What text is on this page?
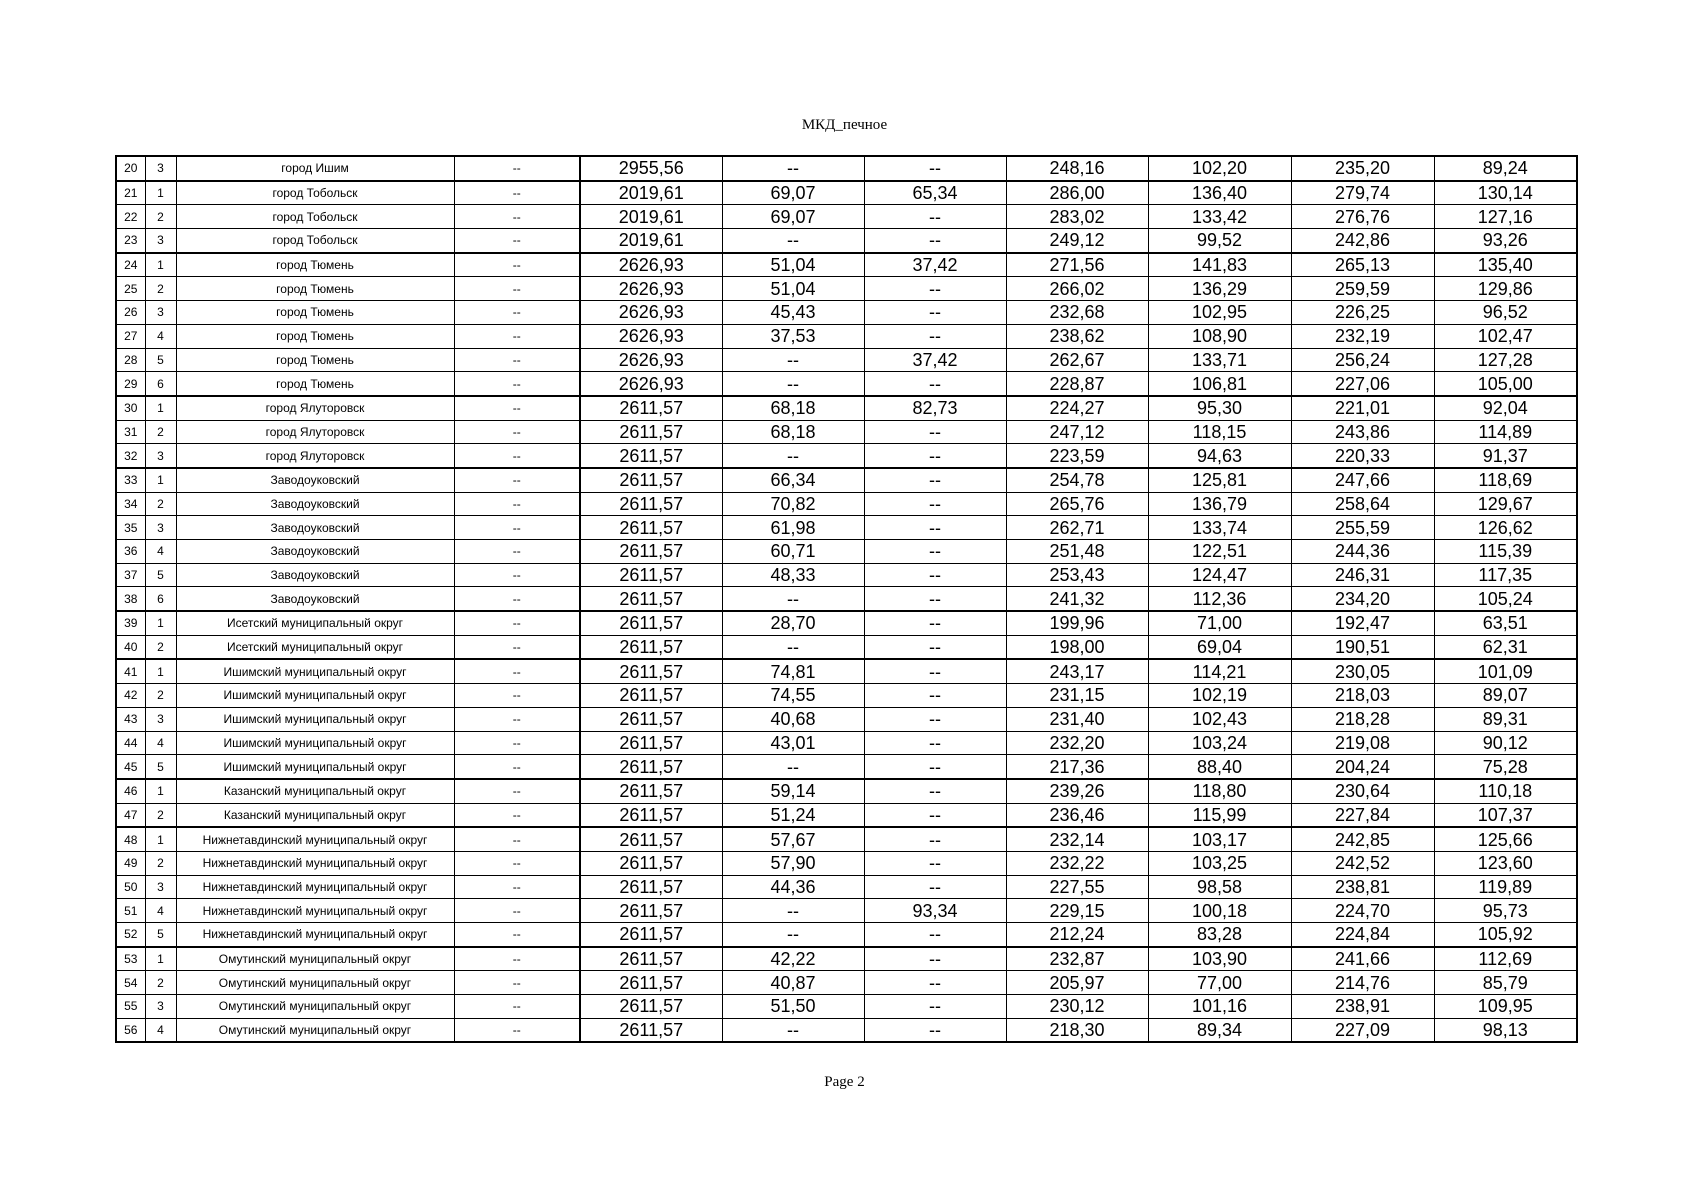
МКД_печное
20	3	город Ишим	--	2955,56	--	--	248,16	102,20	235,20	89,24
21	1	город Тобольск	--	2019,61	69,07	65,34	286,00	136,40	279,74	130,14
22	2	город Тобольск	--	2019,61	69,07	--	283,02	133,42	276,76	127,16
23	3	город Тобольск	--	2019,61	--	--	249,12	99,52	242,86	93,26
24	1	город Тюмень	--	2626,93	51,04	37,42	271,56	141,83	265,13	135,40
25	2	город Тюмень	--	2626,93	51,04	--	266,02	136,29	259,59	129,86
26	3	город Тюмень	--	2626,93	45,43	--	232,68	102,95	226,25	96,52
27	4	город Тюмень	--	2626,93	37,53	--	238,62	108,90	232,19	102,47
28	5	город Тюмень	--	2626,93	--	37,42	262,67	133,71	256,24	127,28
29	6	город Тюмень	--	2626,93	--	--	228,87	106,81	227,06	105,00
30	1	город Ялуторовск	--	2611,57	68,18	82,73	224,27	95,30	221,01	92,04
31	2	город Ялуторовск	--	2611,57	68,18	--	247,12	118,15	243,86	114,89
32	3	город Ялуторовск	--	2611,57	--	--	223,59	94,63	220,33	91,37
33	1	Заводоуковский	--	2611,57	66,34	--	254,78	125,81	247,66	118,69
34	2	Заводоуковский	--	2611,57	70,82	--	265,76	136,79	258,64	129,67
35	3	Заводоуковский	--	2611,57	61,98	--	262,71	133,74	255,59	126,62
36	4	Заводоуковский	--	2611,57	60,71	--	251,48	122,51	244,36	115,39
37	5	Заводоуковский	--	2611,57	48,33	--	253,43	124,47	246,31	117,35
38	6	Заводоуковский	--	2611,57	--	--	241,32	112,36	234,20	105,24
39	1	Исетский муниципальный округ	--	2611,57	28,70	--	199,96	71,00	192,47	63,51
40	2	Исетский муниципальный округ	--	2611,57	--	--	198,00	69,04	190,51	62,31
41	1	Ишимский муниципальный округ	--	2611,57	74,81	--	243,17	114,21	230,05	101,09
42	2	Ишимский муниципальный округ	--	2611,57	74,55	--	231,15	102,19	218,03	89,07
43	3	Ишимский муниципальный округ	--	2611,57	40,68	--	231,40	102,43	218,28	89,31
44	4	Ишимский муниципальный округ	--	2611,57	43,01	--	232,20	103,24	219,08	90,12
45	5	Ишимский муниципальный округ	--	2611,57	--	--	217,36	88,40	204,24	75,28
46	1	Казанский муниципальный округ	--	2611,57	59,14	--	239,26	118,80	230,64	110,18
47	2	Казанский муниципальный округ	--	2611,57	51,24	--	236,46	115,99	227,84	107,37
48	1	Нижнетавдинский муниципальный округ	--	2611,57	57,67	--	232,14	103,17	242,85	125,66
49	2	Нижнетавдинский муниципальный округ	--	2611,57	57,90	--	232,22	103,25	242,52	123,60
50	3	Нижнетавдинский муниципальный округ	--	2611,57	44,36	--	227,55	98,58	238,81	119,89
51	4	Нижнетавдинский муниципальный округ	--	2611,57	--	93,34	229,15	100,18	224,70	95,73
52	5	Нижнетавдинский муниципальный округ	--	2611,57	--	--	212,24	83,28	224,84	105,92
53	1	Омутинский муниципальный округ	--	2611,57	42,22	--	232,87	103,90	241,66	112,69
54	2	Омутинский муниципальный округ	--	2611,57	40,87	--	205,97	77,00	214,76	85,79
55	3	Омутинский муниципальный округ	--	2611,57	51,50	--	230,12	101,16	238,91	109,95
56	4	Омутинский муниципальный округ	--	2611,57	--	--	218,30	89,34	227,09	98,13
Page 2
